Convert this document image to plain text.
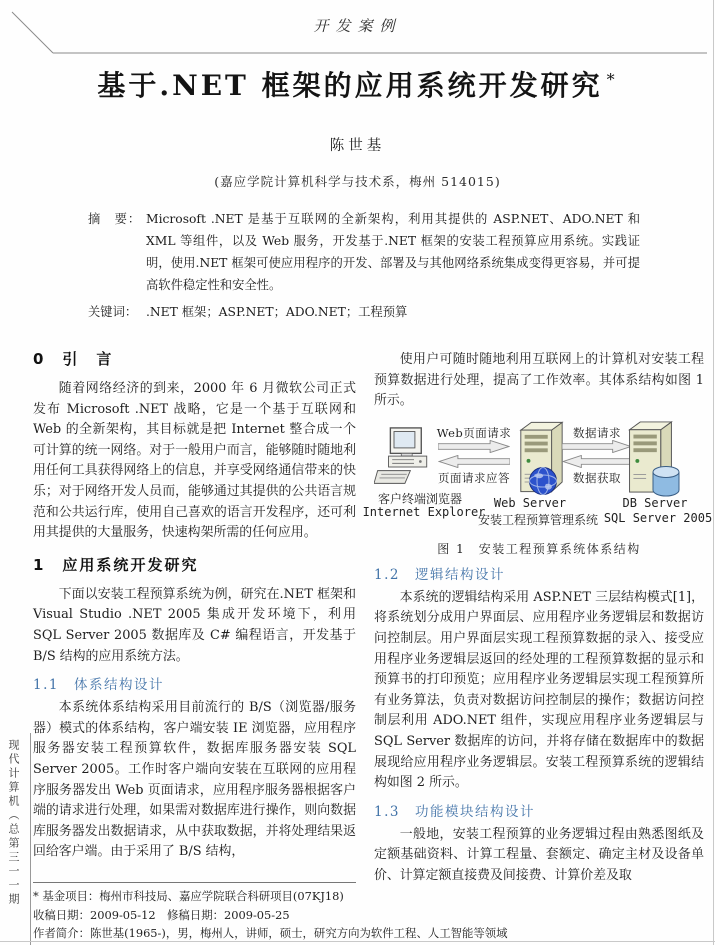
开发案例
基于.NET 框架的应用系统开发研究 *
陈世基
(嘉应学院计算机科学与技术系，梅州 514015)
摘　要： Microsoft .NET 是基于互联网的全新架构，利用其提供的 ASP.NET、ADO.NET 和 XML 等组件，以及 Web 服务，开发基于.NET 框架的安装工程预算应用系统。实践证明，使用.NET 框架可使应用程序的开发、部署及与其他网络系统集成变得更容易，并可提高软件稳定性和安全性。
关键词： .NET 框架；ASP.NET；ADO.NET；工程预算
0　引　言

随着网络经济的到来，2000 年 6 月微软公司正式发布 Microsoft .NET 战略，它是一个基于互联网和 Web 的全新架构，其目标就是把 Internet 整合成一个可计算的统一网络。对于一般用户而言，能够随时随地利用任何工具获得网络上的信息，并享受网络通信带来的快乐；对于网络开发人员而，能够通过其提供的公共语言规范和公共运行库，使用自己喜欢的语言开发程序，还可利用其提供的大量服务，快速构架所需的任何应用。

1　应用系统开发研究

下面以安装工程预算系统为例，研究在.NET 框架和 Visual Studio .NET 2005 集成开发环境下，利用 SQL Server 2005 数据库及 C# 编程语言，开发基于 B/S 结构的应用系统方法。

1.1　体系结构设计

本系统体系结构采用目前流行的 B/S（浏览器/服务器）模式的体系结构，客户端安装 IE 浏览器，应用程序服务器安装工程预算软件，数据库服务器安装 SQL Server 2005。工作时客户端向安装在互联网的应用程序服务器发出 Web 页面请求，应用程序服务器根据客户端的请求进行处理，如果需对数据库进行操作，则向数据库服务器发出数据请求，从中获取数据，并将处理结果返回给客户端。由于采用了 B/S 结构，

使用户可随时随地利用互联网上的计算机对安装工程预算数据进行处理，提高了工作效率。其体系结构如图 1 所示。

客户终端浏览器
Internet Explorer
Web页面请求
页面请求应答
Web Server
安装工程预算管理系统
数据请求
数据获取
DB Server
SQL Server 2005
图 1　安装工程预算系统体系结构
1.2　逻辑结构设计

本系统的逻辑结构采用 ASP.NET 三层结构模式[1]，将系统划分成用户界面层、应用程序业务逻辑层和数据访问控制层。用户界面层实现工程预算数据的录入、接受应用程序业务逻辑层返回的经处理的工程预算数据的显示和预算书的打印预览；应用程序业务逻辑层实现工程预算所有业务算法，负责对数据访问控制层的操作；数据访问控制层利用 ADO.NET 组件，实现应用程序业务逻辑层与 SQL Server 数据库的访问，并将存储在数据库中的数据展现给应用程序业务逻辑层。安装工程预算系统的逻辑结构如图 2 所示。

1.3　功能模块结构设计

一般地，安装工程预算的业务逻辑过程由熟悉图纸及定额基础资料、计算工程量、套额定、确定主材及设备单价、计算定额直接费及间接费、计算价差及取

* 基金项目：梅州市科技局、嘉应学院联合科研项目(07KJ18)
收稿日期：2009-05-12　修稿日期：2009-05-25
作者简介：陈世基(1965-)，男，梅州人，讲师，硕士，研究方向为软件工程、人工智能等领域
现代计算机（总第三一一期
